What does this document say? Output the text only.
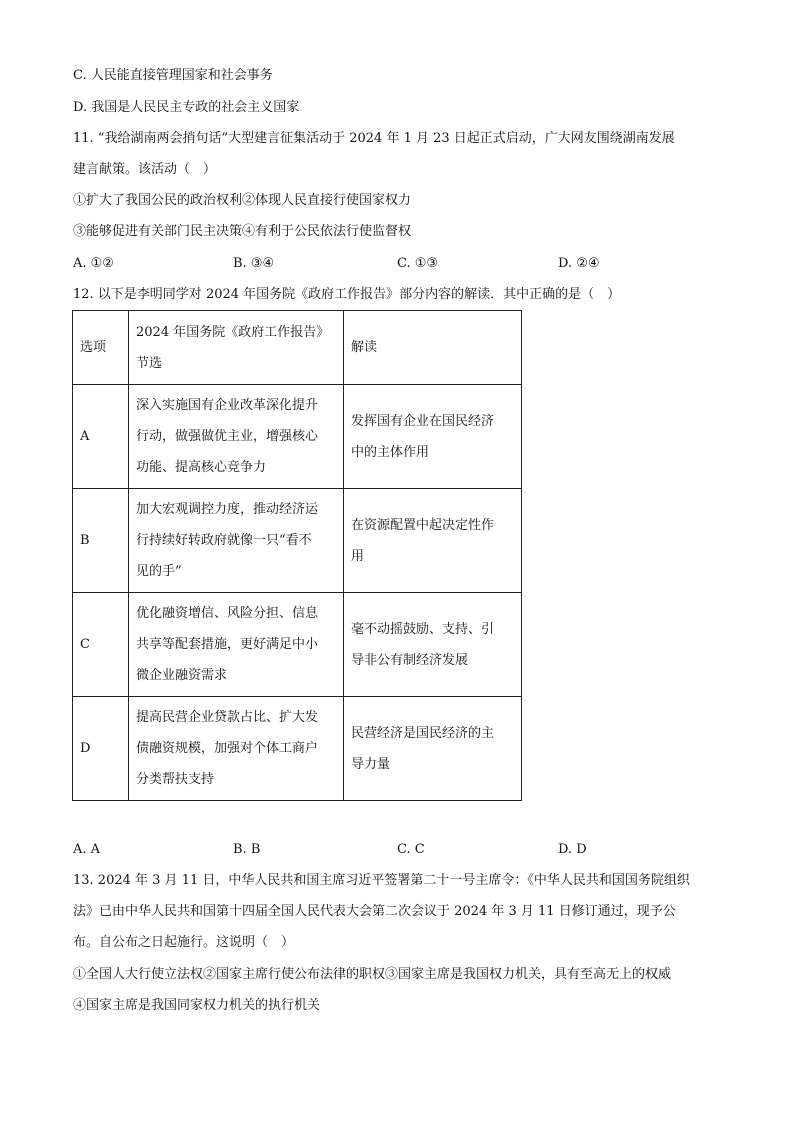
C. 人民能直接管理国家和社会事务
D. 我国是人民民主专政的社会主义国家
11. “我给湖南两会捎句话”大型建言征集活动于 2024 年 1 月 23 日起正式启动，广大网友围绕湖南发展
建言献策。该活动（　）
①扩大了我国公民的政治权利②体现人民直接行使国家权力
③能够促进有关部门民主决策④有利于公民依法行使监督权
A. ①②	B. ③④	C. ①③	D. ②④
12. 以下是李明同学对 2024 年国务院《政府工作报告》部分内容的解读．其中正确的是（　）
选项	2024 年国务院《政府工作报告》
节选	解读
A	深入实施国有企业改革深化提升
行动，做强做优主业，增强核心
功能、提高核心竞争力	发挥国有企业在国民经济
中的主体作用

B	加大宏观调控力度，推动经济运
行持续好转政府就像一只“看不
见的手”	在资源配置中起决定性作
用

C	优化融资增信、风险分担、信息
共享等配套措施，更好满足中小
微企业融资需求	毫不动摇鼓励、支持、引
导非公有制经济发展

D	提高民营企业贷款占比、扩大发
债融资规模，加强对个体工商户
分类帮扶支持	民营经济是国民经济的主
导力量
A. A	B. B	C. C	D. D
13. 2024 年 3 月 11 日，中华人民共和国主席习近平签署第二十一号主席令：《中华人民共和国国务院组织
法》已由中华人民共和国第十四届全国人民代表大会第二次会议于 2024 年 3 月 11 日修订通过，现予公
布。自公布之日起施行。这说明（　）
①全国人大行使立法权②国家主席行使公布法律的职权③国家主席是我国权力机关，具有至高无上的权威
④国家主席是我国同家权力机关的执行机关
